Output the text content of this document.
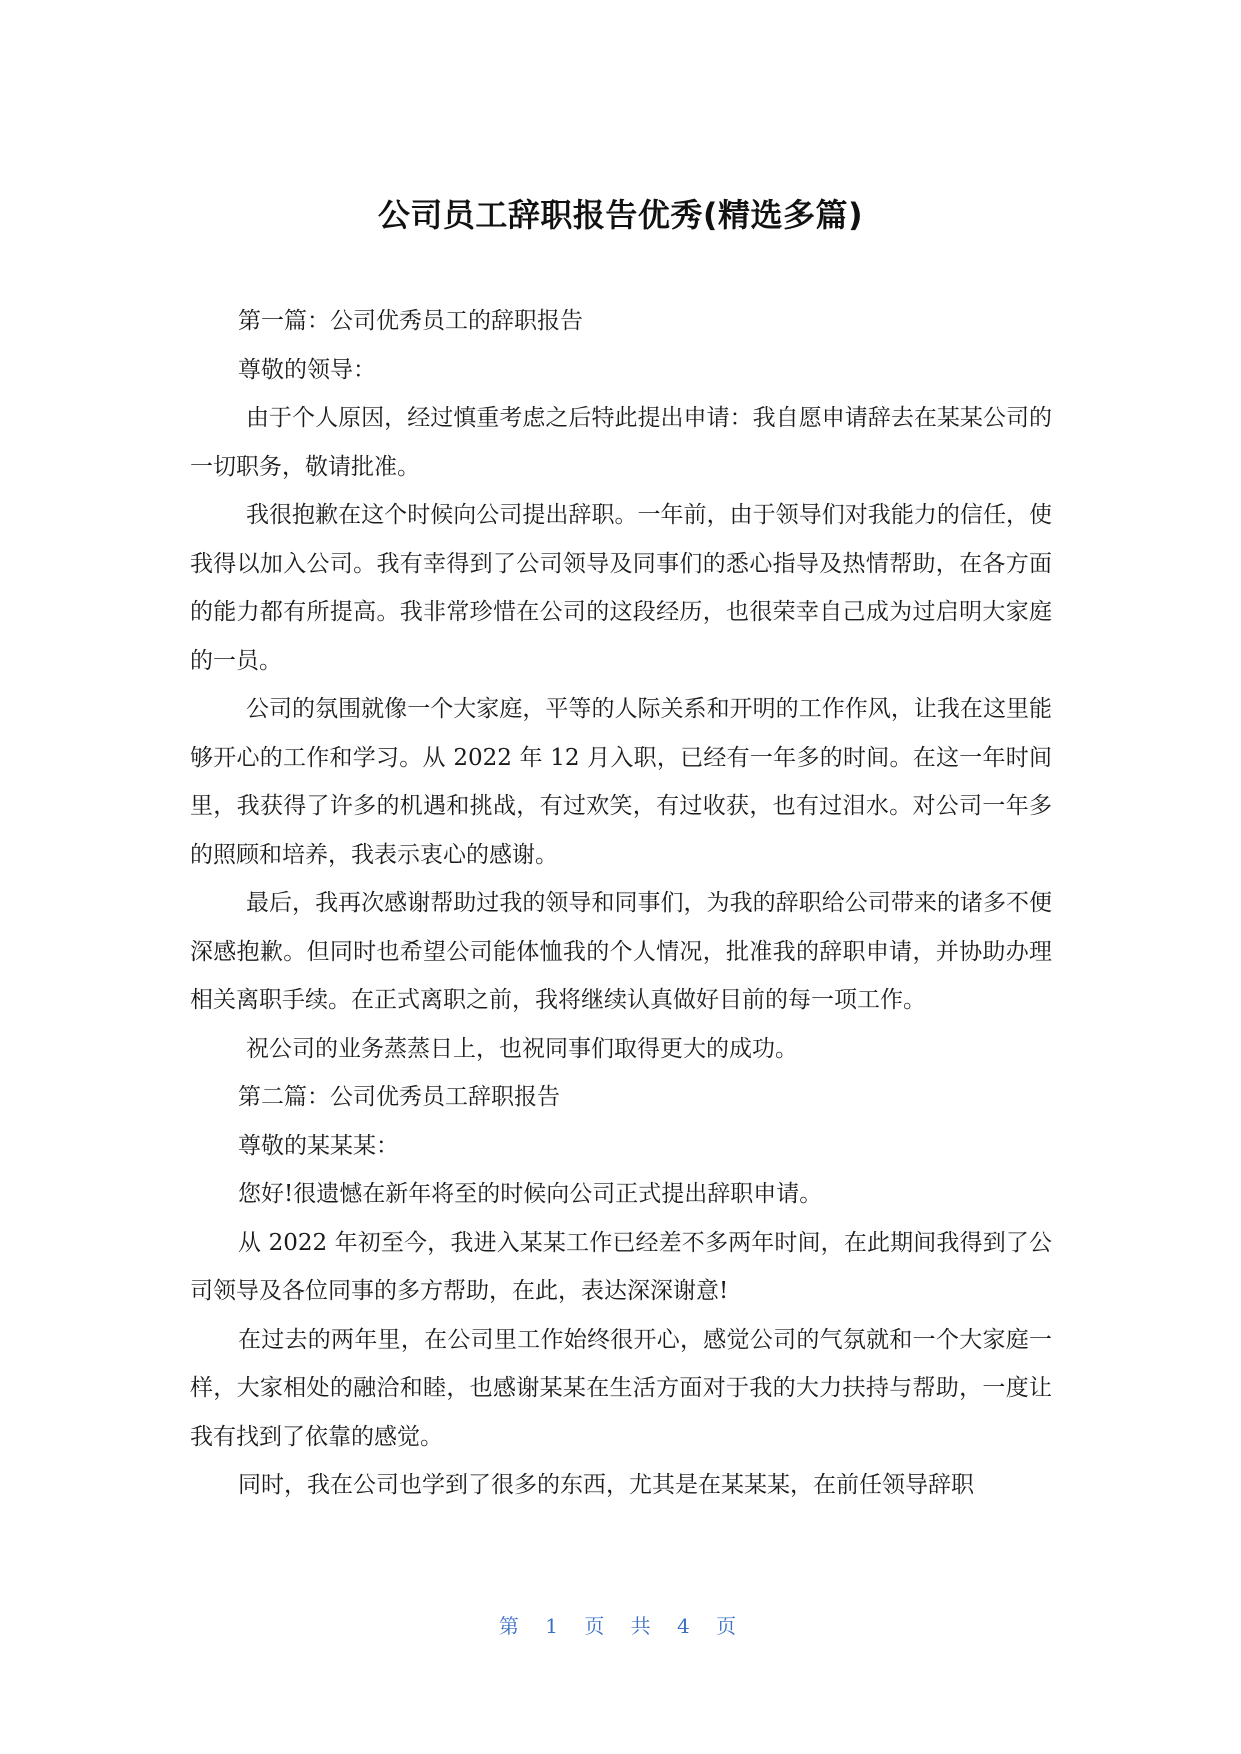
公司员工辞职报告优秀(精选多篇)

第一篇：公司优秀员工的辞职报告

尊敬的领导：

由于个人原因，经过慎重考虑之后特此提出申请：我自愿申请辞去在某某公司的一切职务，敬请批准。

我很抱歉在这个时候向公司提出辞职。一年前，由于领导们对我能力的信任，使我得以加入公司。我有幸得到了公司领导及同事们的悉心指导及热情帮助，在各方面的能力都有所提高。我非常珍惜在公司的这段经历，也很荣幸自己成为过启明大家庭的一员。

公司的氛围就像一个大家庭，平等的人际关系和开明的工作作风，让我在这里能够开心的工作和学习。从 2022 年 12 月入职，已经有一年多的时间。在这一年时间里，我获得了许多的机遇和挑战，有过欢笑，有过收获，也有过泪水。对公司一年多的照顾和培养，我表示衷心的感谢。

最后，我再次感谢帮助过我的领导和同事们，为我的辞职给公司带来的诸多不便深感抱歉。但同时也希望公司能体恤我的个人情况，批准我的辞职申请，并协助办理相关离职手续。在正式离职之前，我将继续认真做好目前的每一项工作。

祝公司的业务蒸蒸日上，也祝同事们取得更大的成功。

第二篇：公司优秀员工辞职报告

尊敬的某某某：

您好!很遗憾在新年将至的时候向公司正式提出辞职申请。

从 2022 年初至今，我进入某某工作已经差不多两年时间，在此期间我得到了公司领导及各位同事的多方帮助，在此，表达深深谢意!

在过去的两年里，在公司里工作始终很开心，感觉公司的气氛就和一个大家庭一样，大家相处的融洽和睦，也感谢某某在生活方面对于我的大力扶持与帮助，一度让我有找到了依靠的感觉。

同时，我在公司也学到了很多的东西，尤其是在某某某，在前任领导辞职

第 1 页 共 4 页
